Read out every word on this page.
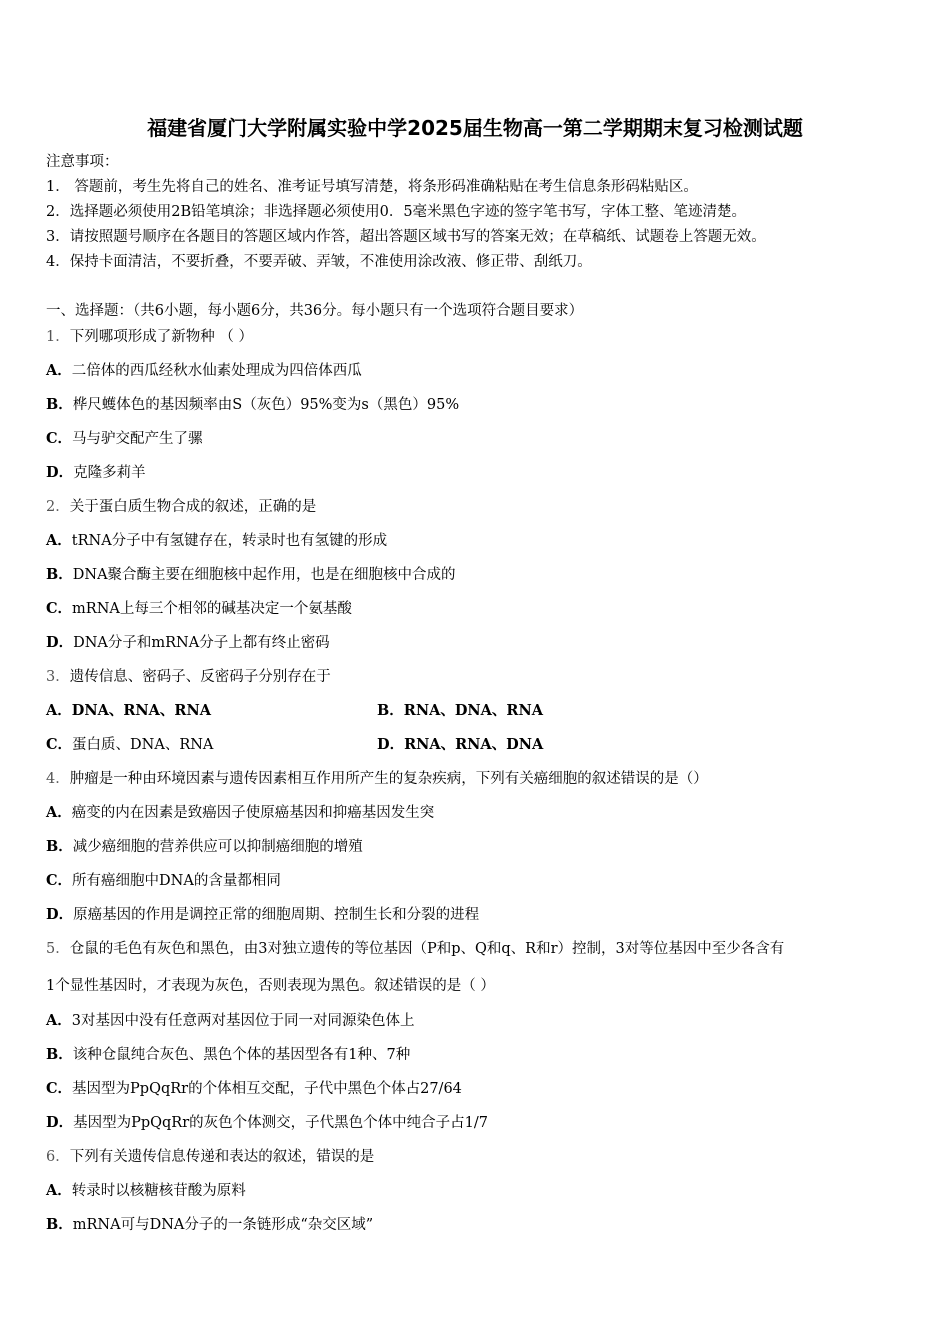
福建省厦门大学附属实验中学2025届生物高一第二学期期末复习检测试题
注意事项：
1． 答题前，考生先将自己的姓名、准考证号填写清楚，将条形码准确粘贴在考生信息条形码粘贴区。
2．选择题必须使用2B铅笔填涂；非选择题必须使用0．5毫米黑色字迹的签字笔书写，字体工整、笔迹清楚。
3．请按照题号顺序在各题目的答题区域内作答，超出答题区域书写的答案无效；在草稿纸、试题卷上答题无效。
4．保持卡面清洁，不要折叠，不要弄破、弄皱，不准使用涂改液、修正带、刮纸刀。
一、选择题：（共6小题，每小题6分，共36分。每小题只有一个选项符合题目要求）
1．下列哪项形成了新物种 （ ）
A．二倍体的西瓜经秋水仙素处理成为四倍体西瓜
B．桦尺蠖体色的基因频率由S（灰色）95%变为s（黑色）95%
C．马与驴交配产生了骡
D．克隆多莉羊
2．关于蛋白质生物合成的叙述，正确的是
A．tRNA分子中有氢键存在，转录时也有氢键的形成
B．DNA聚合酶主要在细胞核中起作用，也是在细胞核中合成的
C．mRNA上每三个相邻的碱基决定一个氨基酸
D．DNA分子和mRNA分子上都有终止密码
3．遗传信息、密码子、反密码子分别存在于
A．DNA、RNA、RNA	B．RNA、DNA、RNA
C．蛋白质、DNA、RNA	D．RNA、RNA、DNA
4．肿瘤是一种由环境因素与遗传因素相互作用所产生的复杂疾病，下列有关癌细胞的叙述错误的是（）
A．癌变的内在因素是致癌因子使原癌基因和抑癌基因发生突
B．减少癌细胞的营养供应可以抑制癌细胞的增殖
C．所有癌细胞中DNA的含量都相同
D．原癌基因的作用是调控正常的细胞周期、控制生长和分裂的进程
5．仓鼠的毛色有灰色和黑色，由3对独立遗传的等位基因（P和p、Q和q、R和r）控制，3对等位基因中至少各含有
1个显性基因时，才表现为灰色，否则表现为黑色。叙述错误的是（ ）
A．3对基因中没有任意两对基因位于同一对同源染色体上
B．该种仓鼠纯合灰色、黑色个体的基因型各有1种、7种
C．基因型为PpQqRr的个体相互交配，子代中黑色个体占27/64
D．基因型为PpQqRr的灰色个体测交，子代黑色个体中纯合子占1/7
6．下列有关遗传信息传递和表达的叙述，错误的是
A．转录时以核糖核苷酸为原料
B．mRNA可与DNA分子的一条链形成“杂交区域”
